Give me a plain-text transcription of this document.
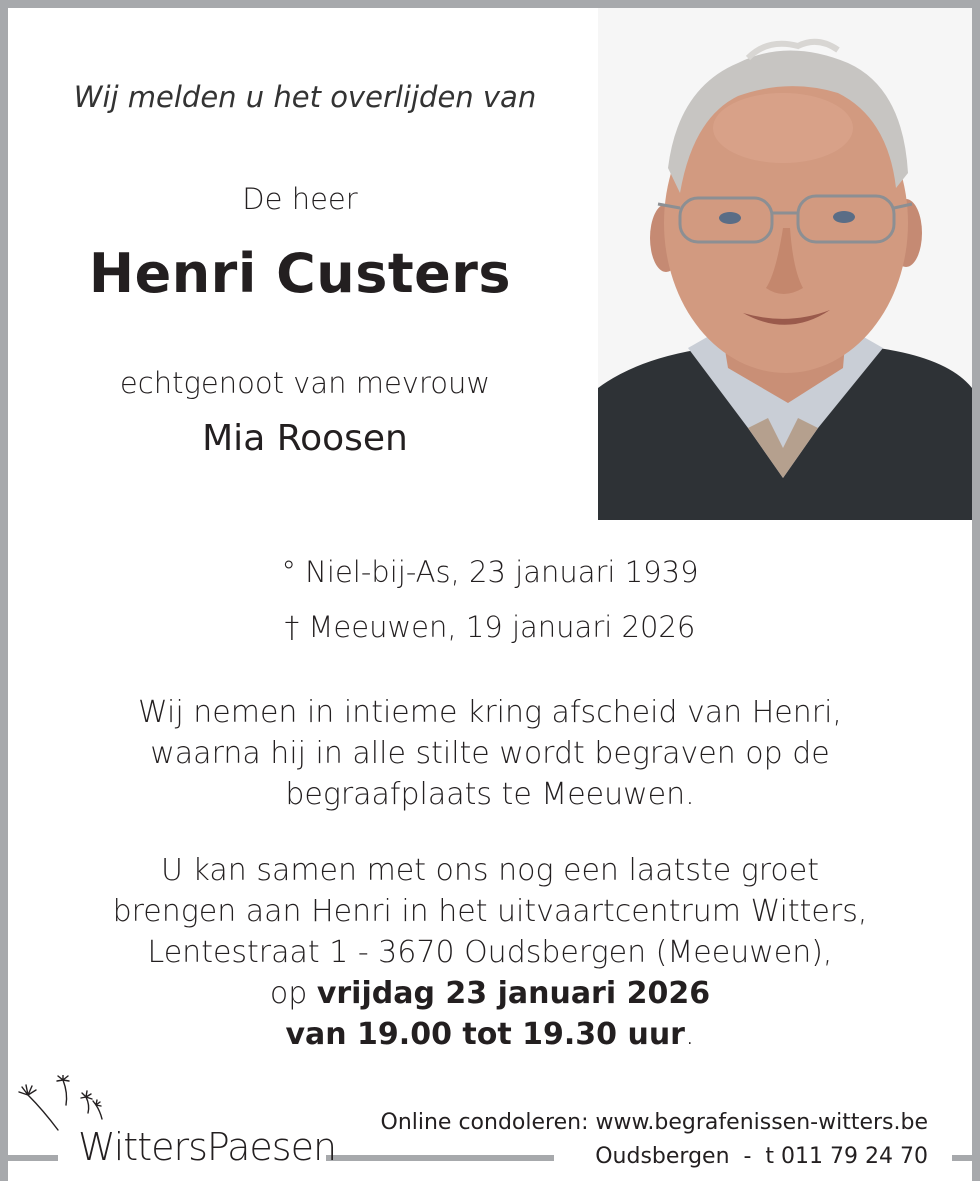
Wij melden u het overlijden van
De heer
Henri Custers
echtgenoot van mevrouw
Mia Roosen
° Niel-bij-As, 23 januari 1939
† Meeuwen, 19 januari 2026
Wij nemen in intieme kring afscheid van Henri,
waarna hij in alle stilte wordt begraven op de
begraafplaats te Meeuwen.
U kan samen met ons nog een laatste groet
brengen aan Henri in het uitvaartcentrum Witters,
Lentestraat 1 - 3670 Oudsbergen (Meeuwen),
op vrijdag 23 januari 2026
van 19.00 tot 19.30 uur.
WittersPaesen
Online condoleren: www.begrafenissen-witters.be
Oudsbergen  -  t 011 79 24 70
